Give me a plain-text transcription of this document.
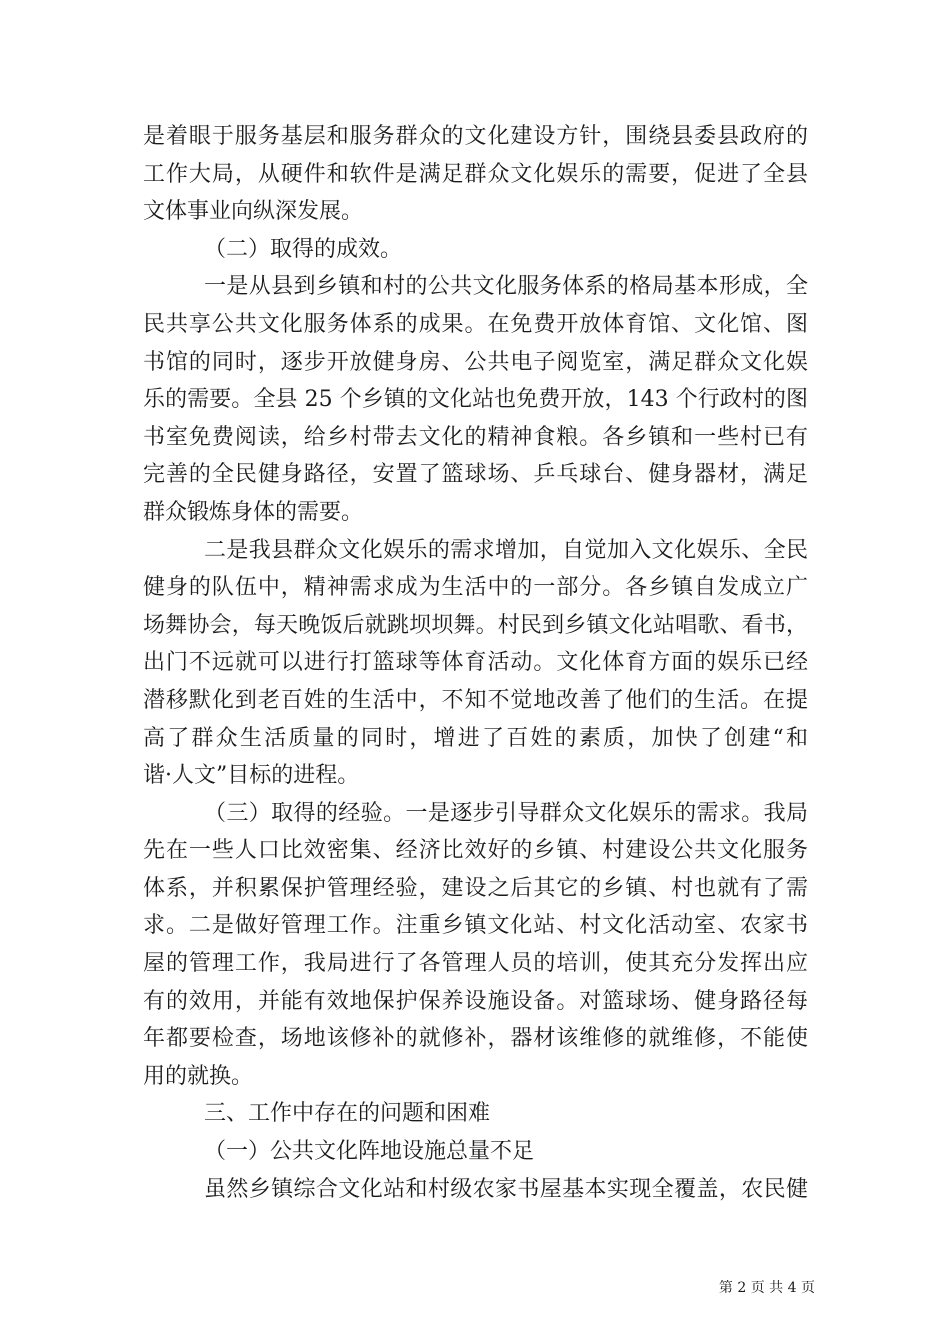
是着眼于服务基层和服务群众的文化建设方针，围绕县委县政府的
工作大局，从硬件和软件是满足群众文化娱乐的需要，促进了全县
文体事业向纵深发展。
（二）取得的成效。
一是从县到乡镇和村的公共文化服务体系的格局基本形成，全
民共享公共文化服务体系的成果。在免费开放体育馆、文化馆、图
书馆的同时，逐步开放健身房、公共电子阅览室，满足群众文化娱
乐的需要。全县 25 个乡镇的文化站也免费开放，143 个行政村的图
书室免费阅读，给乡村带去文化的精神食粮。各乡镇和一些村已有
完善的全民健身路径，安置了篮球场、乒乓球台、健身器材，满足
群众锻炼身体的需要。
二是我县群众文化娱乐的需求增加，自觉加入文化娱乐、全民
健身的队伍中，精神需求成为生活中的一部分。各乡镇自发成立广
场舞协会，每天晚饭后就跳坝坝舞。村民到乡镇文化站唱歌、看书，
出门不远就可以进行打篮球等体育活动。文化体育方面的娱乐已经
潜移默化到老百姓的生活中，不知不觉地改善了他们的生活。在提
高了群众生活质量的同时，增进了百姓的素质，加快了创建“和
谐·人文”目标的进程。
（三）取得的经验。一是逐步引导群众文化娱乐的需求。我局
先在一些人口比效密集、经济比效好的乡镇、村建设公共文化服务
体系，并积累保护管理经验，建设之后其它的乡镇、村也就有了需
求。二是做好管理工作。注重乡镇文化站、村文化活动室、农家书
屋的管理工作，我局进行了各管理人员的培训，使其充分发挥出应
有的效用，并能有效地保护保养设施设备。对篮球场、健身路径每
年都要检查，场地该修补的就修补，器材该维修的就维修，不能使
用的就换。
三、工作中存在的问题和困难
（一）公共文化阵地设施总量不足
虽然乡镇综合文化站和村级农家书屋基本实现全覆盖，农民健
第 2 页 共 4 页
